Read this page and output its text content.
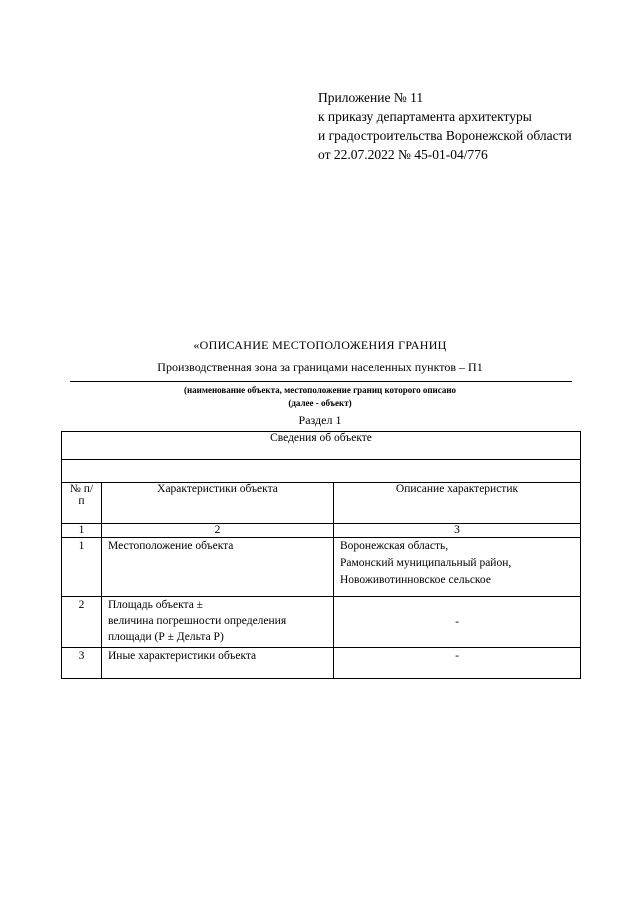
Приложение № 11
к приказу департамента архитектуры
и градостроительства Воронежской области
от 22.07.2022 № 45-01-04/776
«ОПИСАНИЕ МЕСТОПОЛОЖЕНИЯ ГРАНИЦ
Производственная зона за границами населенных пунктов – П1
(наименование объекта, местоположение границ которого описано
(далее - объект)
Раздел 1
Сведения об объекте		

№ п/п	Характеристики объекта	Описание характеристик
1	2	3
1	Местоположение объекта	Воронежская область,
Рамонский муниципальный район,
Новоживотинновское сельское

2	Площадь объекта ±
величина погрешности определения
площади (Р ± Дельта Р)	-
3	Иные характеристики объекта	-
